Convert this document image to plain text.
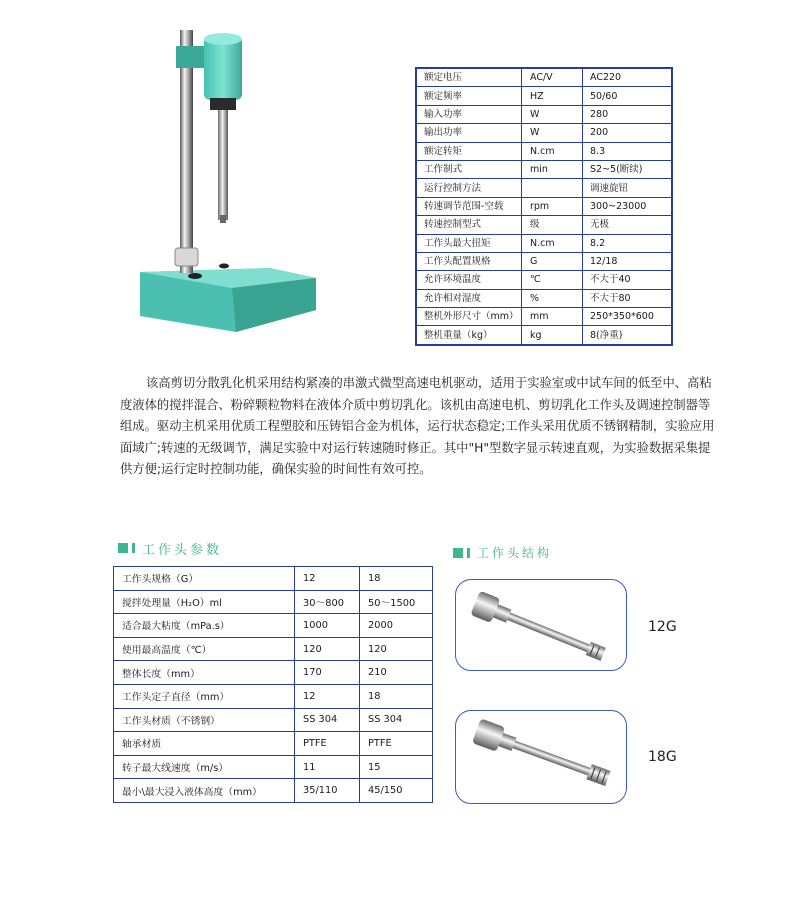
额定电压	AC/V	AC220
额定频率	HZ	50/60
输入功率	W	280
输出功率	W	200
额定转矩	N.cm	8.3
工作制式	min	S2~5(断续)
运行控制方法		调速旋钮
转速调节范围-空载	rpm	300~23000
转速控制型式	级	无极
工作头最大扭矩	N.cm	8.2
工作头配置规格	G	12/18
允许环境温度	℃	不大于40
允许相对湿度	%	不大于80
整机外形尺寸（mm）	mm	250*350*600
整机重量（kg）	kg	8(净重)
该高剪切分散乳化机采用结构紧凑的串激式微型高速电机驱动，适用于实验室或中试车间的低至中、高粘度液体的搅拌混合、粉碎颗粒物料在液体介质中剪切乳化。该机由高速电机、剪切乳化工作头及调速控制器等组成。驱动主机采用优质工程塑胶和压铸铝合金为机体，运行状态稳定;工作头采用优质不锈钢精制，实验应用面域广;转速的无级调节，满足实验中对运行转速随时修正。其中"H"型数字显示转速直观，为实验数据采集提供方便;运行定时控制功能，确保实验的时间性有效可控。
工作头参数	工作头结构
工作头规格（G）	12	18
搅拌处理量（H₂O）ml	30～800	50～1500
适合最大粘度（mPa.s）	1000	2000
使用最高温度（℃）	120	120
整体长度（mm）	170	210
工作头定子直径（mm）	12	18
工作头材质（不锈钢）	SS 304	SS 304
轴承材质	PTFE	PTFE
转子最大线速度（m/s）	11	15
最小\最大浸入液体高度（mm）	35/110	45/150
12G
18G
